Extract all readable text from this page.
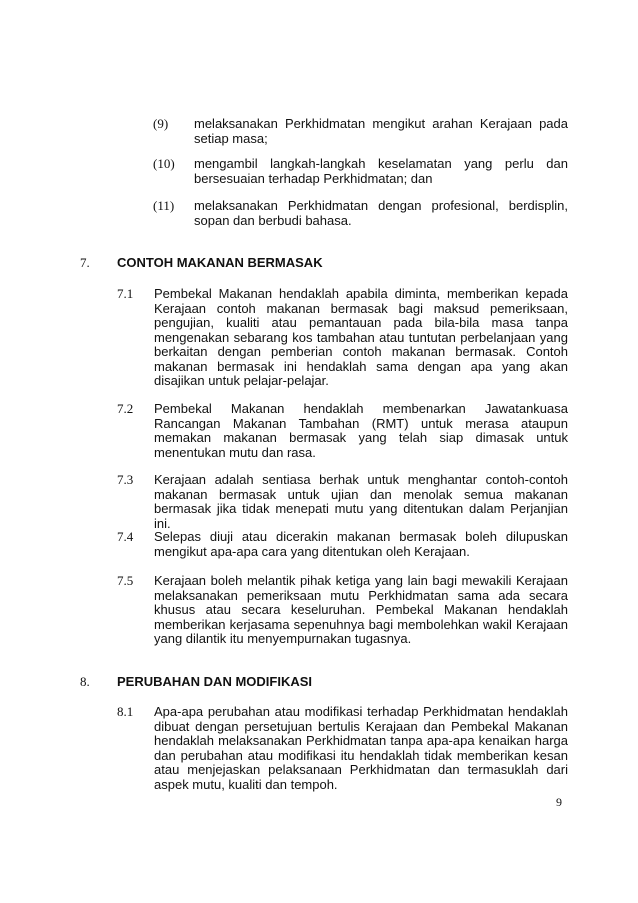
(9) melaksanakan Perkhidmatan mengikut arahan Kerajaan pada setiap masa;

(10) mengambil langkah-langkah keselamatan yang perlu dan bersesuaian terhadap Perkhidmatan; dan

(11) melaksanakan Perkhidmatan dengan profesional, berdisplin, sopan dan berbudi bahasa.

7. CONTOH MAKANAN BERMASAK

7.1 Pembekal Makanan hendaklah apabila diminta, memberikan kepada Kerajaan contoh makanan bermasak bagi maksud pemeriksaan, pengujian, kualiti atau pemantauan pada bila-bila masa tanpa mengenakan sebarang kos tambahan atau tuntutan perbelanjaan yang berkaitan dengan pemberian contoh makanan bermasak. Contoh makanan bermasak ini hendaklah sama dengan apa yang akan disajikan untuk pelajar-pelajar.

7.2 Pembekal Makanan hendaklah membenarkan Jawatankuasa Rancangan Makanan Tambahan (RMT) untuk merasa ataupun memakan makanan bermasak yang telah siap dimasak untuk menentukan mutu dan rasa.

7.3 Kerajaan adalah sentiasa berhak untuk menghantar contoh-contoh makanan bermasak untuk ujian dan menolak semua makanan bermasak jika tidak menepati mutu yang ditentukan dalam Perjanjian ini.

7.4 Selepas diuji atau dicerakin makanan bermasak boleh dilupuskan mengikut apa-apa cara yang ditentukan oleh Kerajaan.

7.5 Kerajaan boleh melantik pihak ketiga yang lain bagi mewakili Kerajaan melaksanakan pemeriksaan mutu Perkhidmatan sama ada secara khusus atau secara keseluruhan. Pembekal Makanan hendaklah memberikan kerjasama sepenuhnya bagi membolehkan wakil Kerajaan yang dilantik itu menyempurnakan tugasnya.

8. PERUBAHAN DAN MODIFIKASI

8.1 Apa-apa perubahan atau modifikasi terhadap Perkhidmatan hendaklah dibuat dengan persetujuan bertulis Kerajaan dan Pembekal Makanan hendaklah melaksanakan Perkhidmatan tanpa apa-apa kenaikan harga dan perubahan atau modifikasi itu hendaklah tidak memberikan kesan atau menjejaskan pelaksanaan Perkhidmatan dan termasuklah dari aspek mutu, kualiti dan tempoh.

9
